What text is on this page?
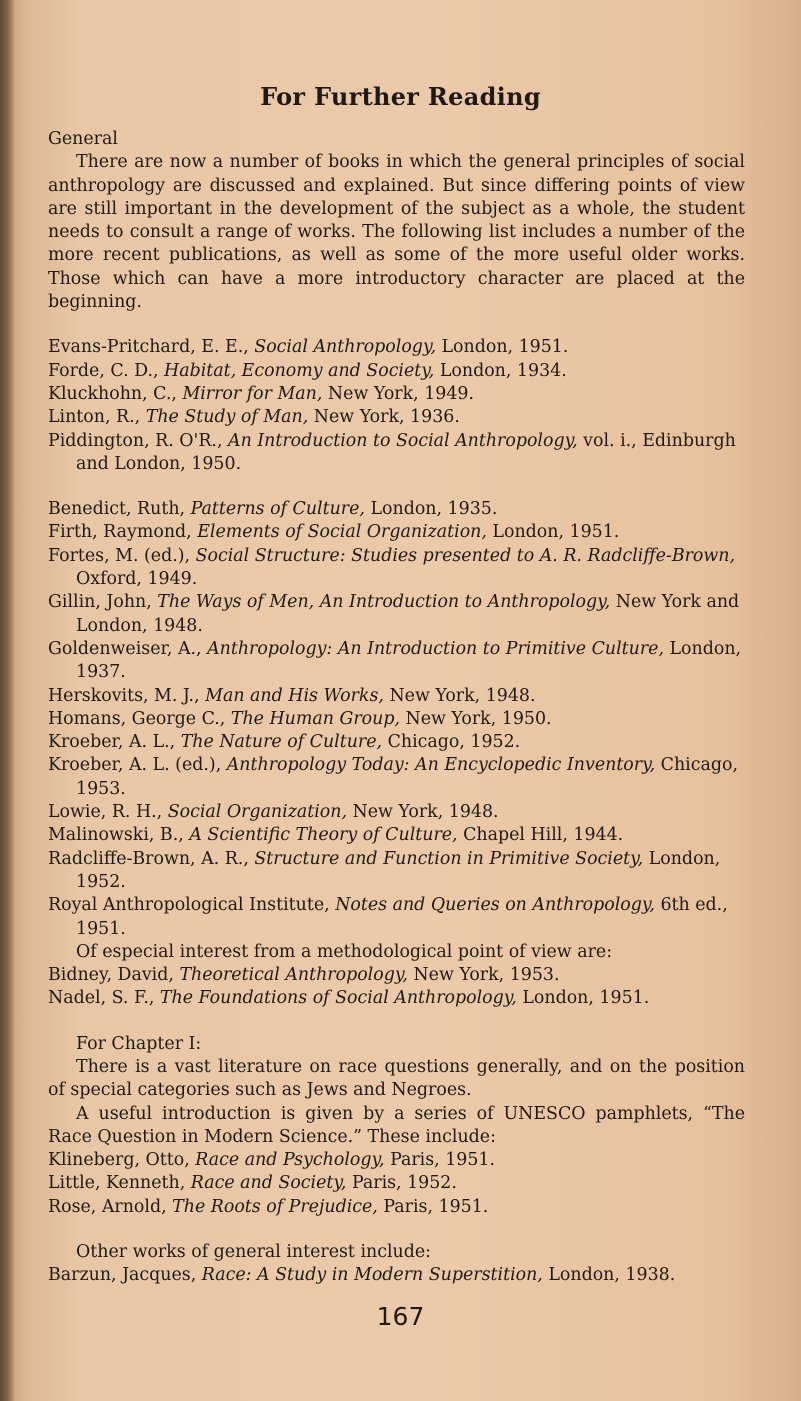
For Further Reading

General

There are now a number of books in which the general principles of social anthropology are discussed and explained. But since differing points of view are still important in the development of the subject as a whole, the student needs to consult a range of works. The following list includes a number of the more recent publications, as well as some of the more useful older works. Those which can have a more introductory character are placed at the beginning.

Evans-Pritchard, E. E., Social Anthropology, London, 1951.

Forde, C. D., Habitat, Economy and Society, London, 1934.

Kluckhohn, C., Mirror for Man, New York, 1949.

Linton, R., The Study of Man, New York, 1936.

Piddington, R. O'R., An Introduction to Social Anthropology, vol. i., Edinburgh and London, 1950.

Benedict, Ruth, Patterns of Culture, London, 1935.

Firth, Raymond, Elements of Social Organization, London, 1951.

Fortes, M. (ed.), Social Structure: Studies presented to A. R. Radcliffe-Brown, Oxford, 1949.

Gillin, John, The Ways of Men, An Introduction to Anthropology, New York and London, 1948.

Goldenweiser, A., Anthropology: An Introduction to Primitive Culture, London, 1937.

Herskovits, M. J., Man and His Works, New York, 1948.

Homans, George C., The Human Group, New York, 1950.

Kroeber, A. L., The Nature of Culture, Chicago, 1952.

Kroeber, A. L. (ed.), Anthropology Today: An Encyclopedic Inventory, Chicago, 1953.

Lowie, R. H., Social Organization, New York, 1948.

Malinowski, B., A Scientific Theory of Culture, Chapel Hill, 1944.

Radcliffe-Brown, A. R., Structure and Function in Primitive Society, London, 1952.

Royal Anthropological Institute, Notes and Queries on Anthropology, 6th ed., 1951.

Of especial interest from a methodological point of view are:

Bidney, David, Theoretical Anthropology, New York, 1953.

Nadel, S. F., The Foundations of Social Anthropology, London, 1951.

For Chapter I:

There is a vast literature on race questions generally, and on the position of special categories such as Jews and Negroes.

A useful introduction is given by a series of UNESCO pamphlets, “The Race Question in Modern Science.” These include:

Klineberg, Otto, Race and Psychology, Paris, 1951.

Little, Kenneth, Race and Society, Paris, 1952.

Rose, Arnold, The Roots of Prejudice, Paris, 1951.

Other works of general interest include:

Barzun, Jacques, Race: A Study in Modern Superstition, London, 1938.

167
